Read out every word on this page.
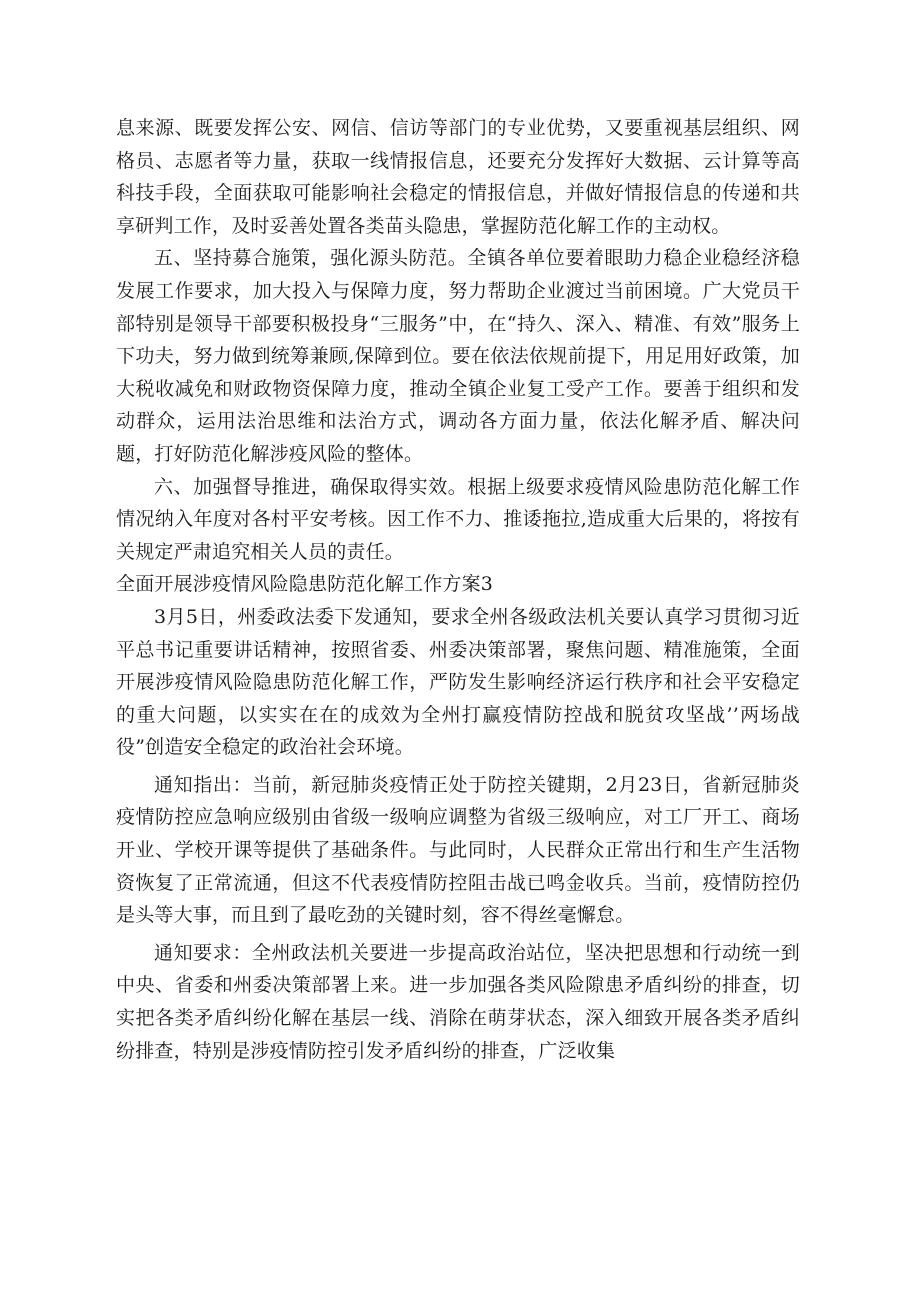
息来源、既要发挥公安、网信、信访等部门的专业优势，又要重视基层组织、网格员、志愿者等力量，获取一线情报信息，还要充分发挥好大数据、云计算等高科技手段，全面获取可能影响社会稳定的情报信息，并做好情报信息的传递和共享研判工作，及时妥善处置各类苗头隐患，掌握防范化解工作的主动权。

五、坚持募合施策，强化源头防范。全镇各单位要着眼助力稳企业稳经济稳发展工作要求，加大投入与保障力度，努力帮助企业渡过当前困境。广大党员干部特别是领导干部要积极投身“三服务”中，在“持久、深入、精准、有效”服务上下功夫，努力做到统筹兼顾,保障到位。要在依法依规前提下，用足用好政策，加大税收减免和财政物资保障力度，推动全镇企业复工受产工作。要善于组织和发动群众，运用法治思维和法治方式，调动各方面力量，依法化解矛盾、解决问题，打好防范化解涉疫风险的整体。

六、加强督导推进，确保取得实效。根据上级要求疫情风险患防范化解工作情况纳入年度对各村平安考核。因工作不力、推诿拖拉,造成重大后果的，将按有关规定严肃追究相关人员的责任。

全面开展涉疫情风险隐患防范化解工作方案3

3月5日，州委政法委下发通知，要求全州各级政法机关要认真学习贯彻习近平总书记重要讲话精神，按照省委、州委决策部署，聚焦问题、精准施策，全面开展涉疫情风险隐患防范化解工作，严防发生影响经济运行秩序和社会平安稳定的重大问题，以实实在在的成效为全州打赢疫情防控战和脱贫攻坚战’’两场战役”创造安全稳定的政治社会环境。

通知指出：当前，新冠肺炎疫情正处于防控关键期，2月23日，省新冠肺炎疫情防控应急响应级别由省级一级响应调整为省级三级响应，对工厂开工、商场开业、学校开课等提供了基础条件。与此同时，人民群众正常出行和生产生活物资恢复了正常流通，但这不代表疫情防控阻击战已鸣金收兵。当前，疫情防控仍是头等大事，而且到了最吃劲的关键时刻，容不得丝毫懈怠。

通知要求：全州政法机关要进一步提高政治站位，坚决把思想和行动统一到中央、省委和州委决策部署上来。进一步加强各类风险隙患矛盾纠纷的排查，切实把各类矛盾纠纷化解在基层一线、消除在萌芽状态，深入细致开展各类矛盾纠纷排查，特别是涉疫情防控引发矛盾纠纷的排查，广泛收集
